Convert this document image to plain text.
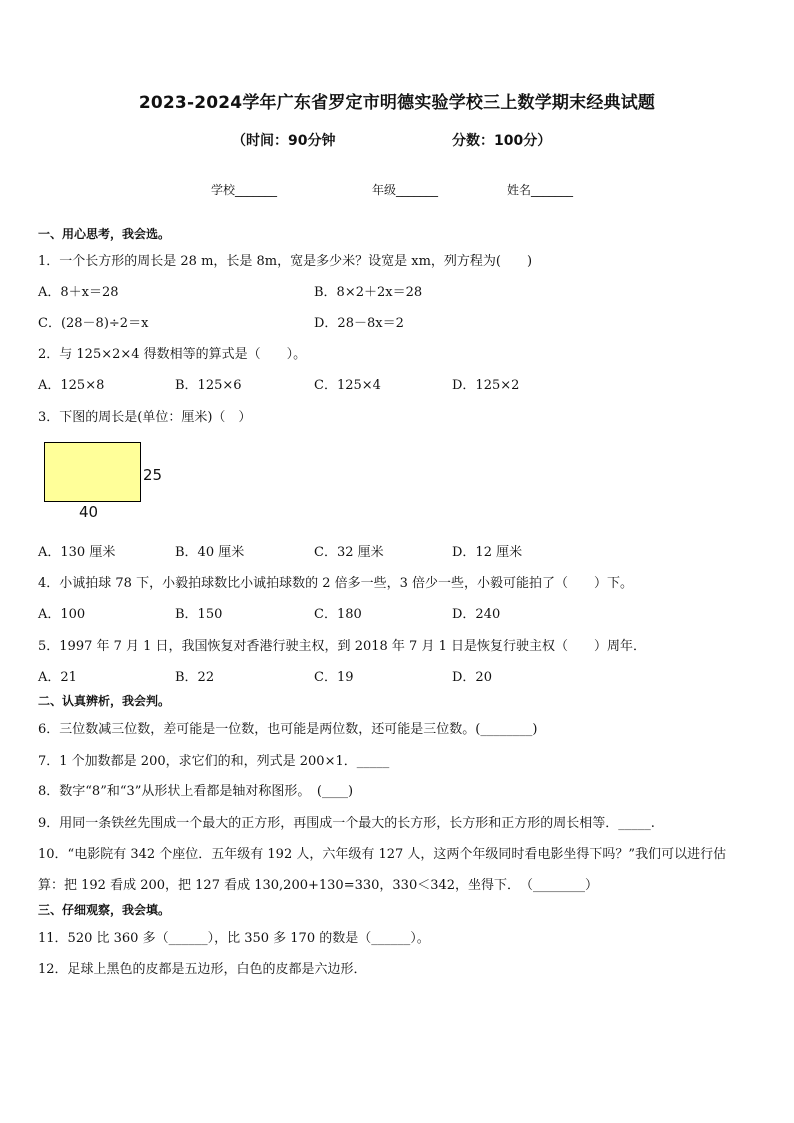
2023-2024学年广东省罗定市明德实验学校三上数学期末经典试题
（时间：90分钟	分数：100分）
学校_______	年级_______	姓名_______
一、用心思考，我会选。
1．一个长方形的周长是 28 m，长是 8m，宽是多少米？设宽是 xm，列方程为(　　)
A．8＋x＝28	B．8×2＋2x＝28
C．(28－8)÷2＝x	D．28－8x＝2
2．与 125×2×4 得数相等的算式是（　　）。
A．125×8	B．125×6	C．125×4	D．125×2
3．下图的周长是(单位：厘米)（　）
25
40
A．130 厘米	B．40 厘米	C．32 厘米	D．12 厘米
4．小诚拍球 78 下，小毅拍球数比小诚拍球数的 2 倍多一些，3 倍少一些，小毅可能拍了（　　）下。
A．100	B．150	C．180	D．240
5．1997 年 7 月 1 日，我国恢复对香港行驶主权，到 2018 年 7 月 1 日是恢复行驶主权（　　）周年．
A．21	B．22	C．19	D．20
二、认真辨析，我会判。
6．三位数减三位数，差可能是一位数，也可能是两位数，还可能是三位数。(________)
7．1 个加数都是 200，求它们的和，列式是 200×1．_____
8．数字“8”和“3”从形状上看都是轴对称图形。　(____)
9．用同一条铁丝先围成一个最大的正方形，再围成一个最大的长方形，长方形和正方形的周长相等．_____.
10．“电影院有 342 个座位．五年级有 192 人，六年级有 127 人，这两个年级同时看电影坐得下吗？”我们可以进行估
算：把 192 看成 200，把 127 看成 130,200+130=330，330＜342，坐得下．　（________）
三、仔细观察，我会填。
11．520 比 360 多（______），比 350 多 170 的数是（______）。
12．足球上黑色的皮都是五边形，白色的皮都是六边形．
